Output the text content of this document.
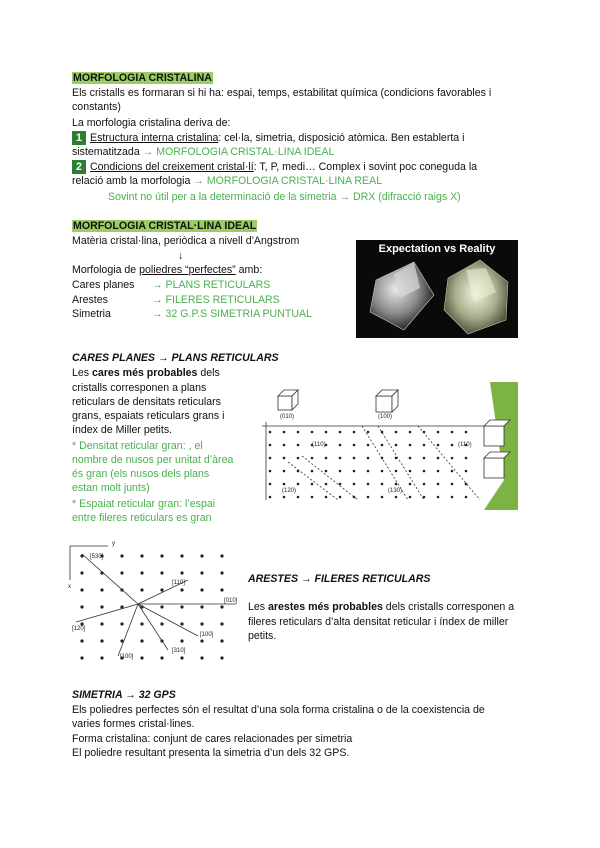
MORFOLOGIA CRISTALINA
Els cristalls es formaran si hi ha: espai, temps, estabilitat química (condicions favorables i
constants)
La morfologia cristalina deriva de:
1 Estructura interna cristalina: cel·la, simetria, disposició atòmica. Ben establerta i
sistematitzada → MORFOLOGIA CRISTAL·LINA IDEAL
2 Condicions del creixement cristal·lí: T, P, medi… Complex i sovint poc coneguda la
relació amb la morfologia → MORFOLOGIA CRISTAL·LINA REAL
Sovint no útil per a la determinació de la simetria → DRX (difracció raigs X)
MORFOLOGIA CRISTAL·LINA IDEAL
Matèria cristal·lina, periòdica a nivell d’Angstrom
↓
Morfologia de poliedres “perfectes” amb:
Cares planes → PLANS RETICULARS
Arestes	→ FILERES RETICULARS
Simetria	→ 32 G.P.S SIMETRIA PUNTUAL
Expectation vs Reality
CARES PLANES → PLANS RETICULARS
Les cares més probables dels
cristalls corresponen a plans
reticulars de densitats reticulars
grans, espaiats reticulars grans i
índex de Miller petits.
* Densitat reticular gran: , el
nombre de nusos per unitat d’àrea
és gran (els nusos dels plans
estan molt junts)
* Espaiat reticular gran: l’espai
entre fileres reticulars es gran
(010)	(100)
(110)
(120)	(130)
(110)
[530]
[110]
[010]
[120]
[100]
[310]
[100]
y
x
ARESTES → FILERES RETICULARS
Les arestes més probables dels cristalls corresponen a
fileres reticulars d’alta densitat reticular i índex de miller
petits.
SIMETRIA → 32 GPS
Els poliedres perfectes són el resultat d’una sola forma cristalina o de la coexistencia de
varies formes cristal·lines.
Forma cristalina: conjunt de cares relacionades per simetria
El poliedre resultant presenta la simetria d’un dels 32 GPS.
